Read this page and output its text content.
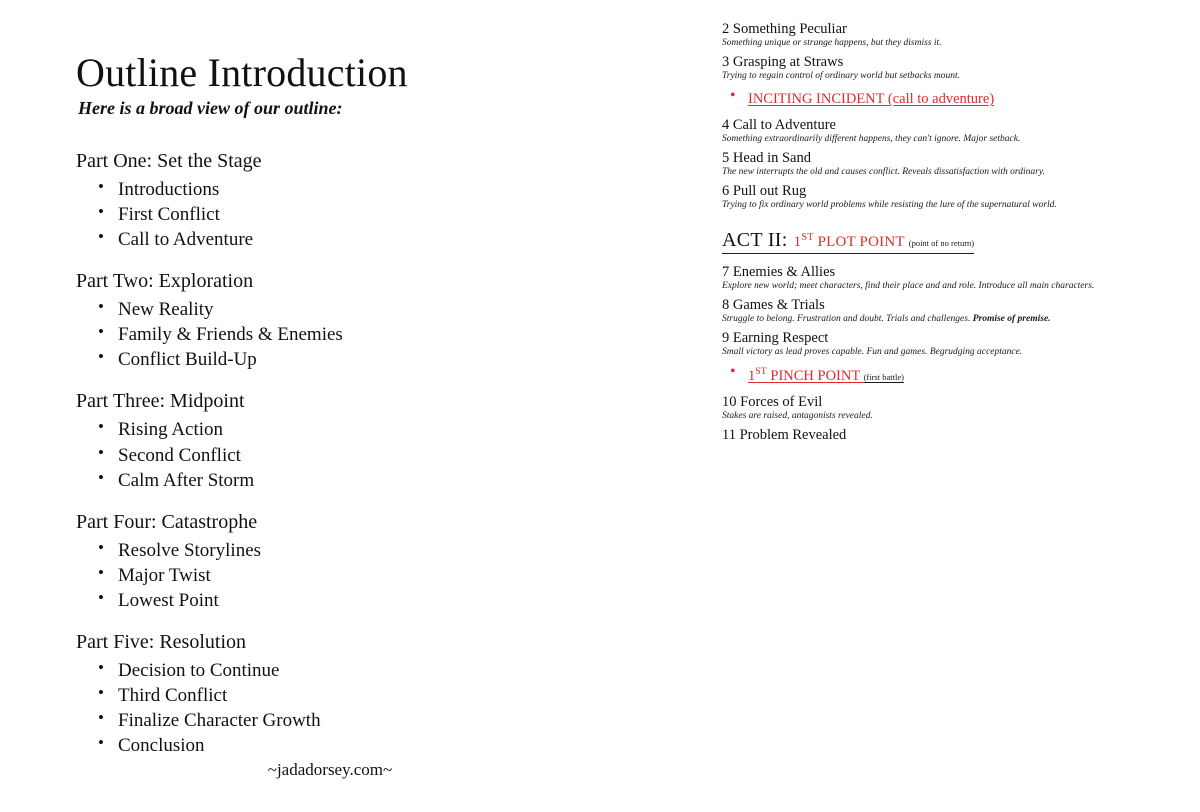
Outline Introduction
Here is a broad view of our outline:
Part One: Set the Stage
• Introductions
• First Conflict
• Call to Adventure
Part Two: Exploration
• New Reality
• Family & Friends & Enemies
• Conflict Build-Up
Part Three: Midpoint
• Rising Action
• Second Conflict
• Calm After Storm
Part Four: Catastrophe
• Resolve Storylines
• Major Twist
• Lowest Point
Part Five: Resolution
• Decision to Continue
• Third Conflict
• Finalize Character Growth
• Conclusion
~jadadorsey.com~
2 Something Peculiar
Something unique or strange happens, but they dismiss it.
3 Grasping at Straws
Trying to regain control of ordinary world but setbacks mount.
• INCITING INCIDENT (call to adventure)
4 Call to Adventure
Something extraordinarily different happens, they can't ignore. Major setback.
5 Head in Sand
The new interrupts the old and causes conflict. Reveals dissatisfaction with ordinary.
6 Pull out Rug
Trying to fix ordinary world problems while resisting the lure of the supernatural world.
ACT II: 1ST PLOT POINT (point of no return)
7 Enemies & Allies
Explore new world; meet characters, find their place and and role. Introduce all main characters.
8 Games & Trials
Struggle to belong. Frustration and doubt. Trials and challenges. Promise of premise.
9 Earning Respect
Small victory as lead proves capable. Fun and games. Begrudging acceptance.
• 1ST PINCH POINT (first battle)
10 Forces of Evil
Stakes are raised, antagonists revealed.
11 Problem Revealed
